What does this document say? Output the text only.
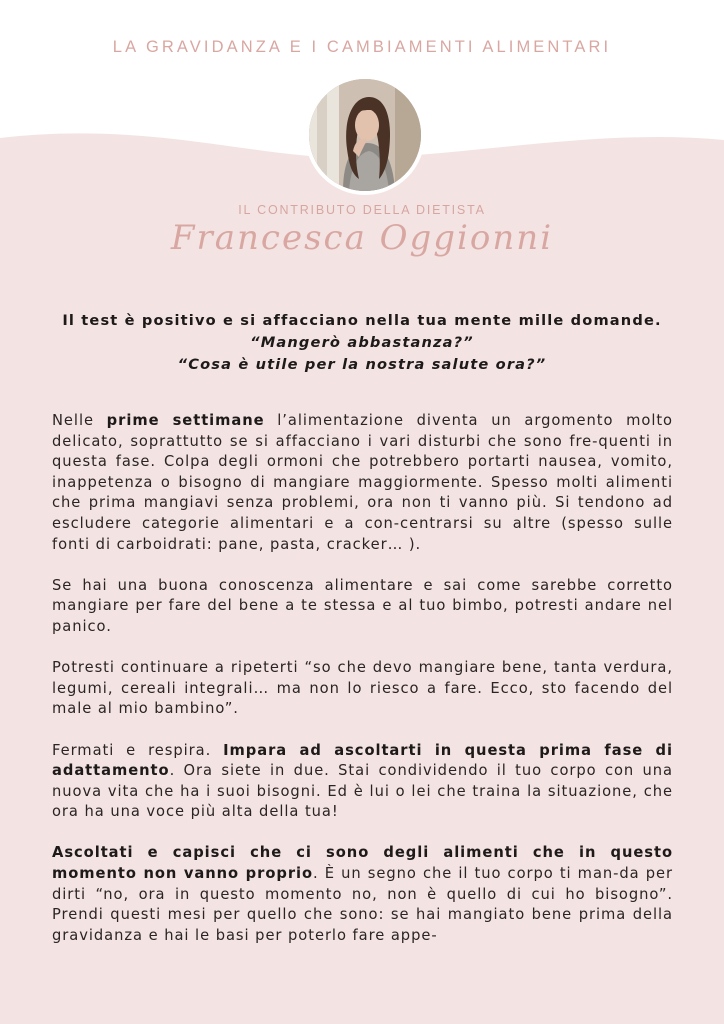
LA GRAVIDANZA E I CAMBIAMENTI ALIMENTARI
IL CONTRIBUTO DELLA DIETISTA
Francesca Oggionni
Il test è positivo e si affacciano nella tua mente mille domande.
“Mangerò abbastanza?”
“Cosa è utile per la nostra salute ora?”

Nelle prime settimane l’alimentazione diventa un argomento molto delicato, soprattutto se si affacciano i vari disturbi che sono fre-quenti in questa fase. Colpa degli ormoni che potrebbero portarti nausea, vomito, inappetenza o bisogno di mangiare maggiormente. Spesso molti alimenti che prima mangiavi senza problemi, ora non ti vanno più. Si tendono ad escludere categorie alimentari e a con-centrarsi su altre (spesso sulle fonti di carboidrati: pane, pasta, cracker… ).

Se hai una buona conoscenza alimentare e sai come sarebbe corretto mangiare per fare del bene a te stessa e al tuo bimbo, potresti andare nel panico.

Potresti continuare a ripeterti “so che devo mangiare bene, tanta verdura, legumi, cereali integrali… ma non lo riesco a fare. Ecco, sto facendo del male al mio bambino”.

Fermati e respira. Impara ad ascoltarti in questa prima fase di adattamento. Ora siete in due. Stai condividendo il tuo corpo con una nuova vita che ha i suoi bisogni. Ed è lui o lei che traina la situazione, che ora ha una voce più alta della tua!

Ascoltati e capisci che ci sono degli alimenti che in questo momento non vanno proprio. È un segno che il tuo corpo ti man-da per dirti “no, ora in questo momento no, non è quello di cui ho bisogno”. Prendi questi mesi per quello che sono: se hai mangiato bene prima della gravidanza e hai le basi per poterlo fare appe-
